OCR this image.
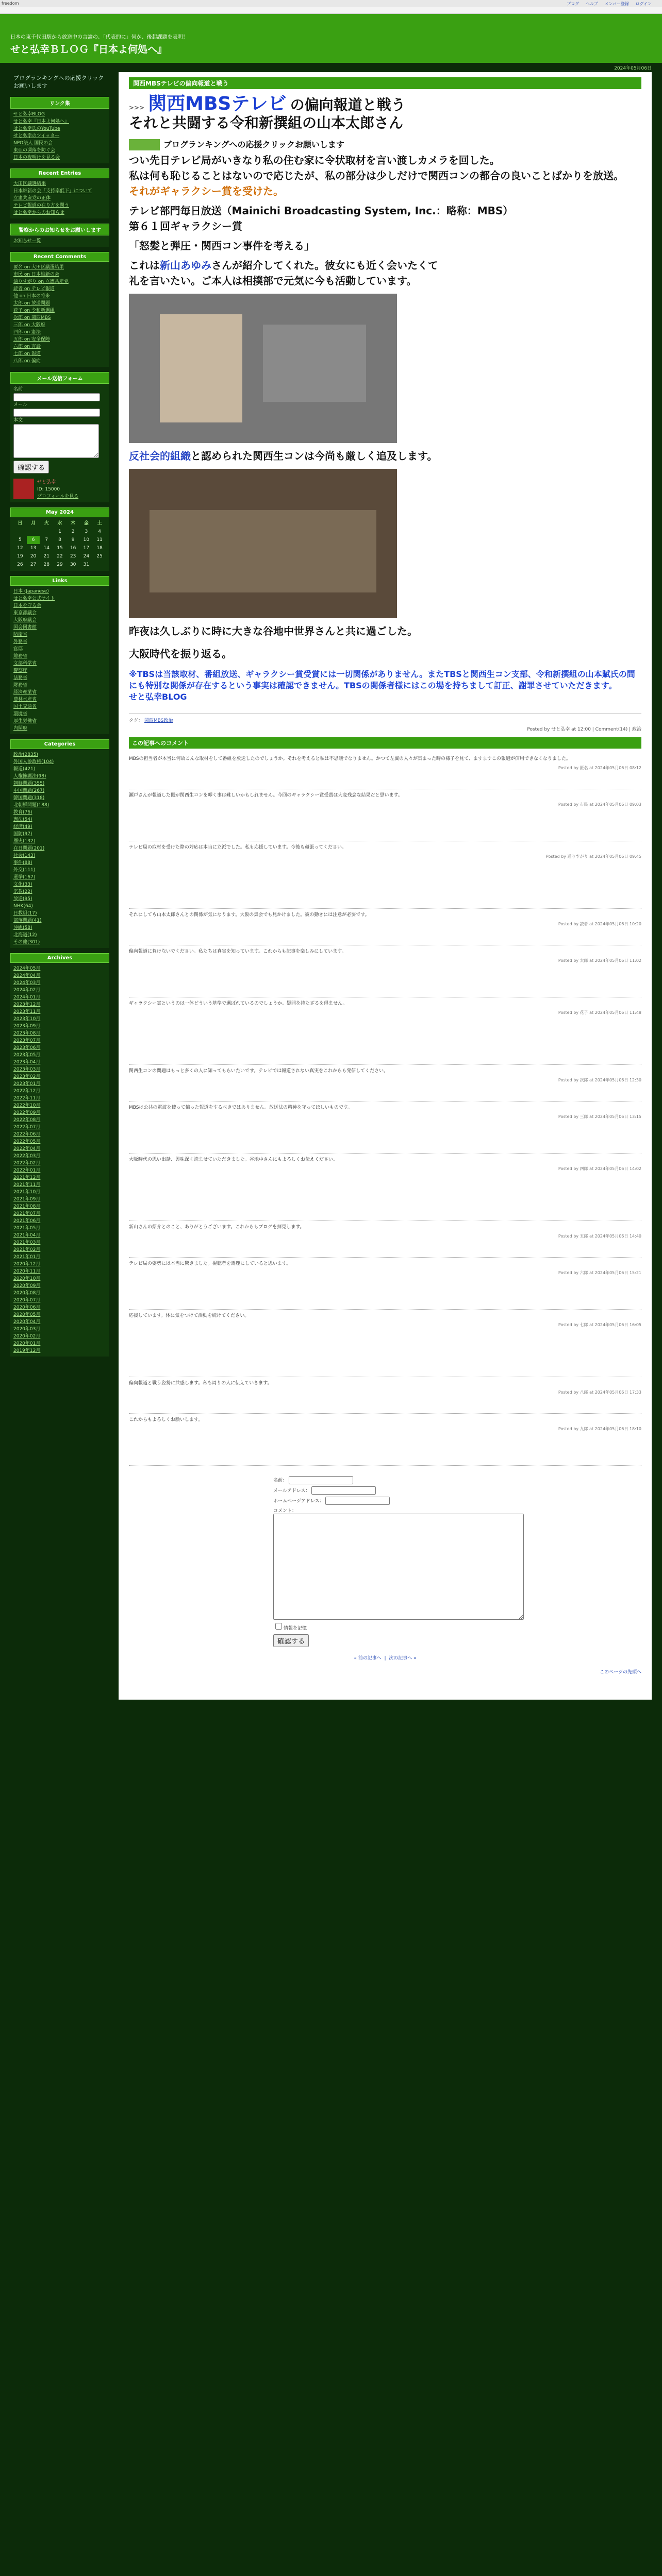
freedom	ブログ ヘルプ メンバー登録 ログイン
日本の東千代田駅から放送中の言論の、「代表的に」何か、後起課題を表明！
せと弘幸ＢＬＯＧ『日本よ何処へ』
2024年05月06日
ブログランキングへの応援クリックお願いします
リンク集
せと弘幸BLOG
せと弘幸『日本よ何処へ』
せと弘幸氏のYouTube
せと弘幸のツイッター
NPO法人 国民の会
東亜の凋落を防ぐ会
日本の夜明けを見る会
Recent Entries
大田区議選結果
日本維新の会「支持率低下」について
立憲共産党の正体
テレビ報道の在り方を問う
せと弘幸からのお知らせ
警察からのお知らせをお願いします
お知らせ一覧
Recent Comments
匿名 on 大田区議選結果
市民 on 日本維新の会
通りすがり on 立憲共産党
読者 on テレビ報道
他 on 日本の将来
太郎 on 放送問題
花子 on 令和新選組
次郎 on 関西MBS
三郎 on 大阪府
四郎 on 憲法
五郎 on 安全保障
六郎 on 言論
七郎 on 報道
八郎 on 偏向
メール送信フォーム
名前
メール
本文
確認する
せと弘幸
ID: 15000
プロフィールを見る
May 2024
日	月	火	水	木	金	土
			1	2	3	4
5	6	7	8	9	10	11
12	13	14	15	16	17	18
19	20	21	22	23	24	25
26	27	28	29	30	31	
Links
日本 (Japanese)
せと弘幸公式サイト
日本を守る会
東京都議会
大阪府議会
国会図書館
防衛省
外務省
官邸
総務省
文部科学省
警察庁
法務省
財務省
経済産業省
農林水産省
国土交通省
環境省
厚生労働省
内閣府
Categories
政治(2835)
外国人参政権(104)
報道(421)
人権擁護法(98)
朝鮮問題(355)
中国問題(267)
韓国問題(318)
北朝鮮問題(188)
教育(76)
憲法(54)
経済(49)
国防(97)
歴史(132)
在日問題(201)
社会(143)
事件(88)
外交(111)
選挙(167)
文化(33)
宗教(22)
放送(95)
NHK(64)
日教組(17)
部落問題(41)
沖縄(58)
北海道(12)
その他(301)
Archives
2024年05月
2024年04月
2024年03月
2024年02月
2024年01月
2023年12月
2023年11月
2023年10月
2023年09月
2023年08月
2023年07月
2023年06月
2023年05月
2023年04月
2023年03月
2023年02月
2023年01月
2022年12月
2022年11月
2022年10月
2022年09月
2022年08月
2022年07月
2022年06月
2022年05月
2022年04月
2022年03月
2022年02月
2022年01月
2021年12月
2021年11月
2021年10月
2021年09月
2021年08月
2021年07月
2021年06月
2021年05月
2021年04月
2021年03月
2021年02月
2021年01月
2020年12月
2020年11月
2020年10月
2020年09月
2020年08月
2020年07月
2020年06月
2020年05月
2020年04月
2020年03月
2020年02月
2020年01月
2019年12月
関西MBSテレビの偏向報道と戦う
>>> 関西MBSテレビ の偏向報道と戦う
それと共闘する令和新撰組の山本太郎さん
ブログランキングへの応援クリックお願いします
つい先日テレビ局がいきなり私の住む家に令状取材を言い渡しカメラを回した。
私は何も恥じることはないので応じたが、私の部分は少しだけで関西コンの都合の良いことばかりを放送。
それがギャラクシー賞を受けた。
テレビ部門毎日放送（Mainichi Broadcasting System, Inc.：略称：MBS）
第６１回ギャラクシー賞
「怒髪と弾圧・関西コン事件を考える」
これは新山あゆみさんが紹介してくれた。彼女にも近く会いたくて
礼を言いたい。ご本人は相撲部で元気に今も活動しています。
反社会的組織と認められた関西生コンは今尚も厳しく追及します。
昨夜は久しぶりに時に大きな谷地中世界さんと共に過ごした。
大阪時代を振り返る。
※TBSは当該取材、番組放送、ギャラクシー賞受賞には一切関係がありません。またTBSと関西生コン支部、令和新撰組の山本賦氏の間にも特別な関係が存在するという事実は確認できません。TBSの関係者様にはこの場を持ちまして訂正、謝罪させていただきます。
せと弘幸BLOG
タグ： 関西MBS政治
Posted by せと弘幸 at 12:00 | Comment(14) | 政治
この記事へのコメント
MBSの担当者が本当に何故こんな取材をして番組を放送したのでしょうか。それを考えると私は不思議でなりません。かつて左翼の人々が集まった時の様子を見て、ますますこの報道が信用できなくなりました。
Posted by 匿名 at 2024年05月06日 08:12
瀬戸さんが報道した側が関西生コンを叩く事は難しいかもしれません。今回のギャラクシー賞受賞は大変残念な結果だと思います。
Posted by 市民 at 2024年05月06日 09:03
テレビ局の取材を受けた際の対応は本当に立派でした。私も応援しています。今後も頑張ってください。
Posted by 通りすがり at 2024年05月06日 09:45
それにしても山本太郎さんとの関係が気になります。大阪の集会でも見かけました。彼の動きには注意が必要です。
Posted by 読者 at 2024年05月06日 10:20
偏向報道に負けないでください。私たちは真実を知っています。これからも記事を楽しみにしています。
Posted by 太郎 at 2024年05月06日 11:02
ギャラクシー賞というのは一体どういう基準で選ばれているのでしょうか。疑問を持たざるを得ません。
Posted by 花子 at 2024年05月06日 11:48
関西生コンの問題はもっと多くの人に知ってもらいたいです。テレビでは報道されない真実をこれからも発信してください。
Posted by 次郎 at 2024年05月06日 12:30
MBSは公共の電波を使って偏った報道をするべきではありません。放送法の精神を守ってほしいものです。
Posted by 三郎 at 2024年05月06日 13:15
大阪時代の思い出話、興味深く読ませていただきました。谷地中さんにもよろしくお伝えください。
Posted by 四郎 at 2024年05月06日 14:02
新山さんの紹介とのこと、ありがとうございます。これからもブログを拝見します。
Posted by 五郎 at 2024年05月06日 14:40
テレビ局の姿勢には本当に驚きました。視聴者を馬鹿にしていると思います。
Posted by 六郎 at 2024年05月06日 15:21
応援しています。体に気をつけて活動を続けてください。
Posted by 七郎 at 2024年05月06日 16:05
偏向報道と戦う姿勢に共感します。私も周りの人に伝えていきます。
Posted by 八郎 at 2024年05月06日 17:33
これからもよろしくお願いします。
Posted by 九郎 at 2024年05月06日 18:10
名前：
メールアドレス：
ホームページアドレス：
コメント：
情報を記憶
確認する
« 前の記事へ  |  次の記事へ »
このページの先頭へ
